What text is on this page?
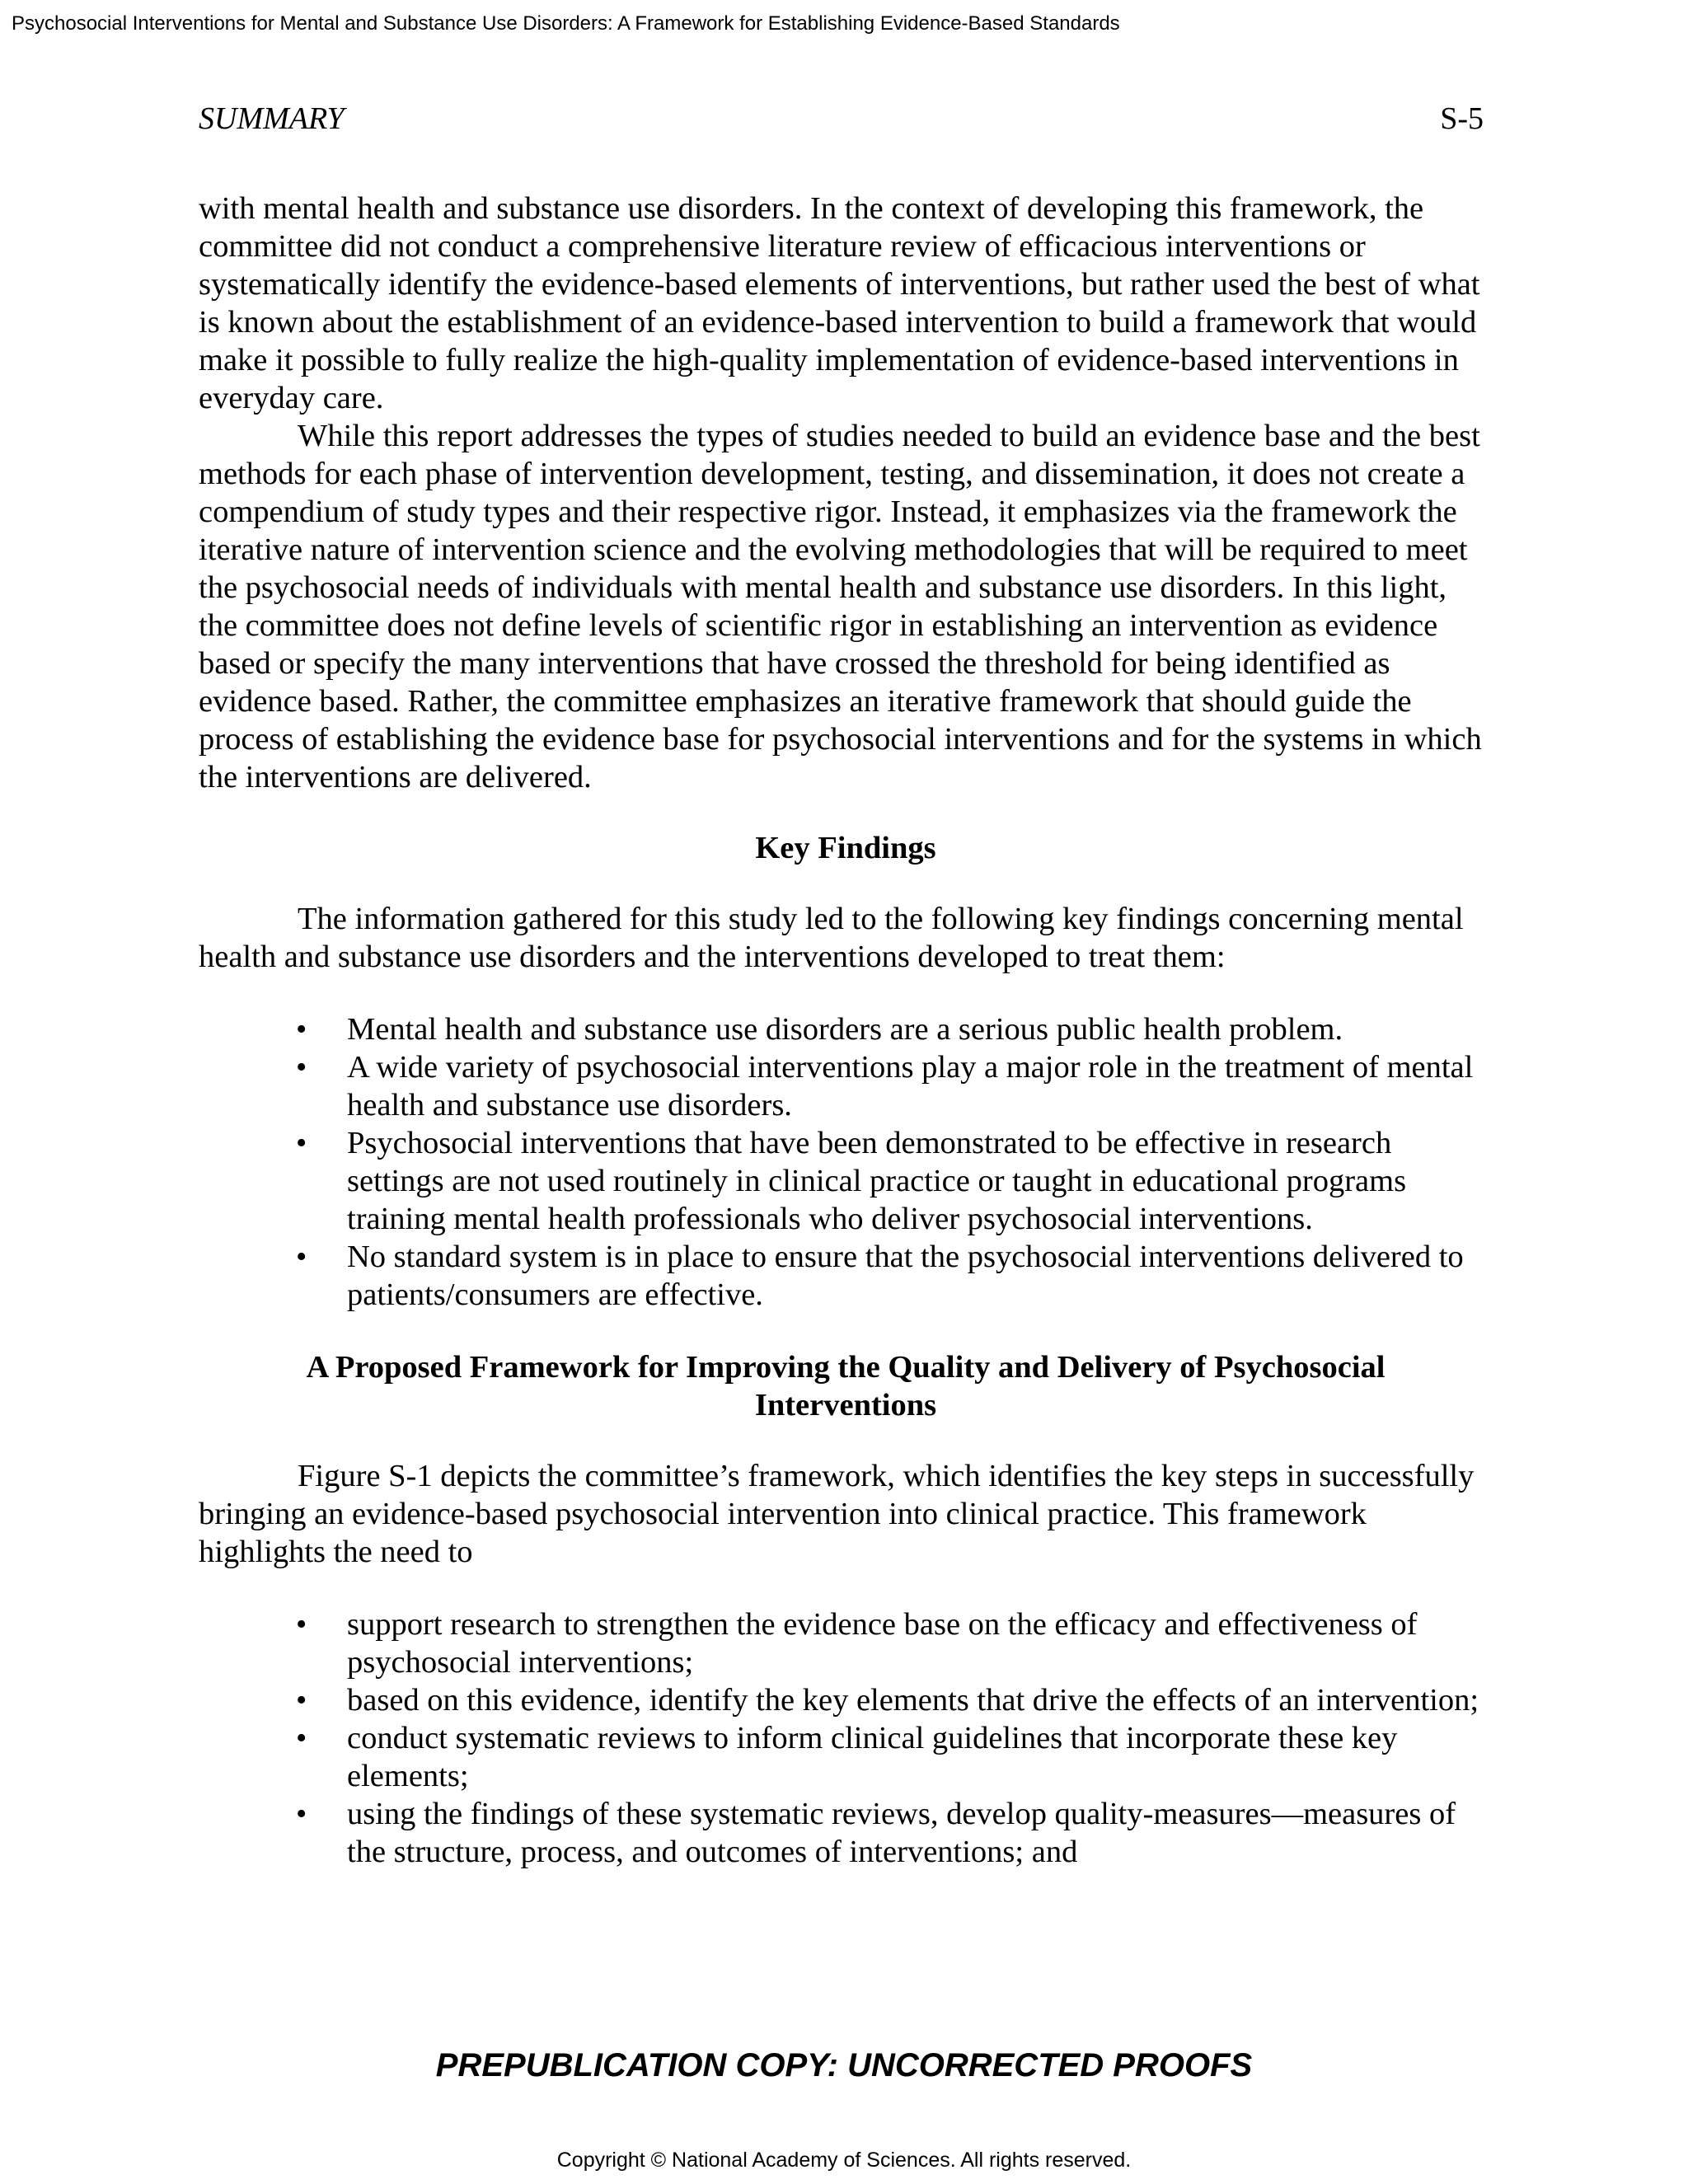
Psychosocial Interventions for Mental and Substance Use Disorders: A Framework for Establishing Evidence-Based Standards
SUMMARY	S-5

with mental health and substance use disorders. In the context of developing this framework, the committee did not conduct a comprehensive literature review of efficacious interventions or systematically identify the evidence-based elements of interventions, but rather used the best of what is known about the establishment of an evidence-based intervention to build a framework that would make it possible to fully realize the high-quality implementation of evidence-based interventions in everyday care.

While this report addresses the types of studies needed to build an evidence base and the best methods for each phase of intervention development, testing, and dissemination, it does not create a compendium of study types and their respective rigor. Instead, it emphasizes via the framework the iterative nature of intervention science and the evolving methodologies that will be required to meet the psychosocial needs of individuals with mental health and substance use disorders. In this light, the committee does not define levels of scientific rigor in establishing an intervention as evidence based or specify the many interventions that have crossed the threshold for being identified as evidence based. Rather, the committee emphasizes an iterative framework that should guide the process of establishing the evidence base for psychosocial interventions and for the systems in which the interventions are delivered.

Key Findings

The information gathered for this study led to the following key findings concerning mental health and substance use disorders and the interventions developed to treat them:

• Mental health and substance use disorders are a serious public health problem.
• A wide variety of psychosocial interventions play a major role in the treatment of mental health and substance use disorders.
• Psychosocial interventions that have been demonstrated to be effective in research settings are not used routinely in clinical practice or taught in educational programs training mental health professionals who deliver psychosocial interventions.
• No standard system is in place to ensure that the psychosocial interventions delivered to patients/consumers are effective.
A Proposed Framework for Improving the Quality and Delivery of Psychosocial
Interventions

Figure S-1 depicts the committee’s framework, which identifies the key steps in successfully bringing an evidence-based psychosocial intervention into clinical practice. This framework highlights the need to

• support research to strengthen the evidence base on the efficacy and effectiveness of psychosocial interventions;
• based on this evidence, identify the key elements that drive the effects of an intervention;
• conduct systematic reviews to inform clinical guidelines that incorporate these key elements;
• using the findings of these systematic reviews, develop quality-measures—measures of the structure, process, and outcomes of interventions; and
PREPUBLICATION COPY: UNCORRECTED PROOFS
Copyright © National Academy of Sciences. All rights reserved.
